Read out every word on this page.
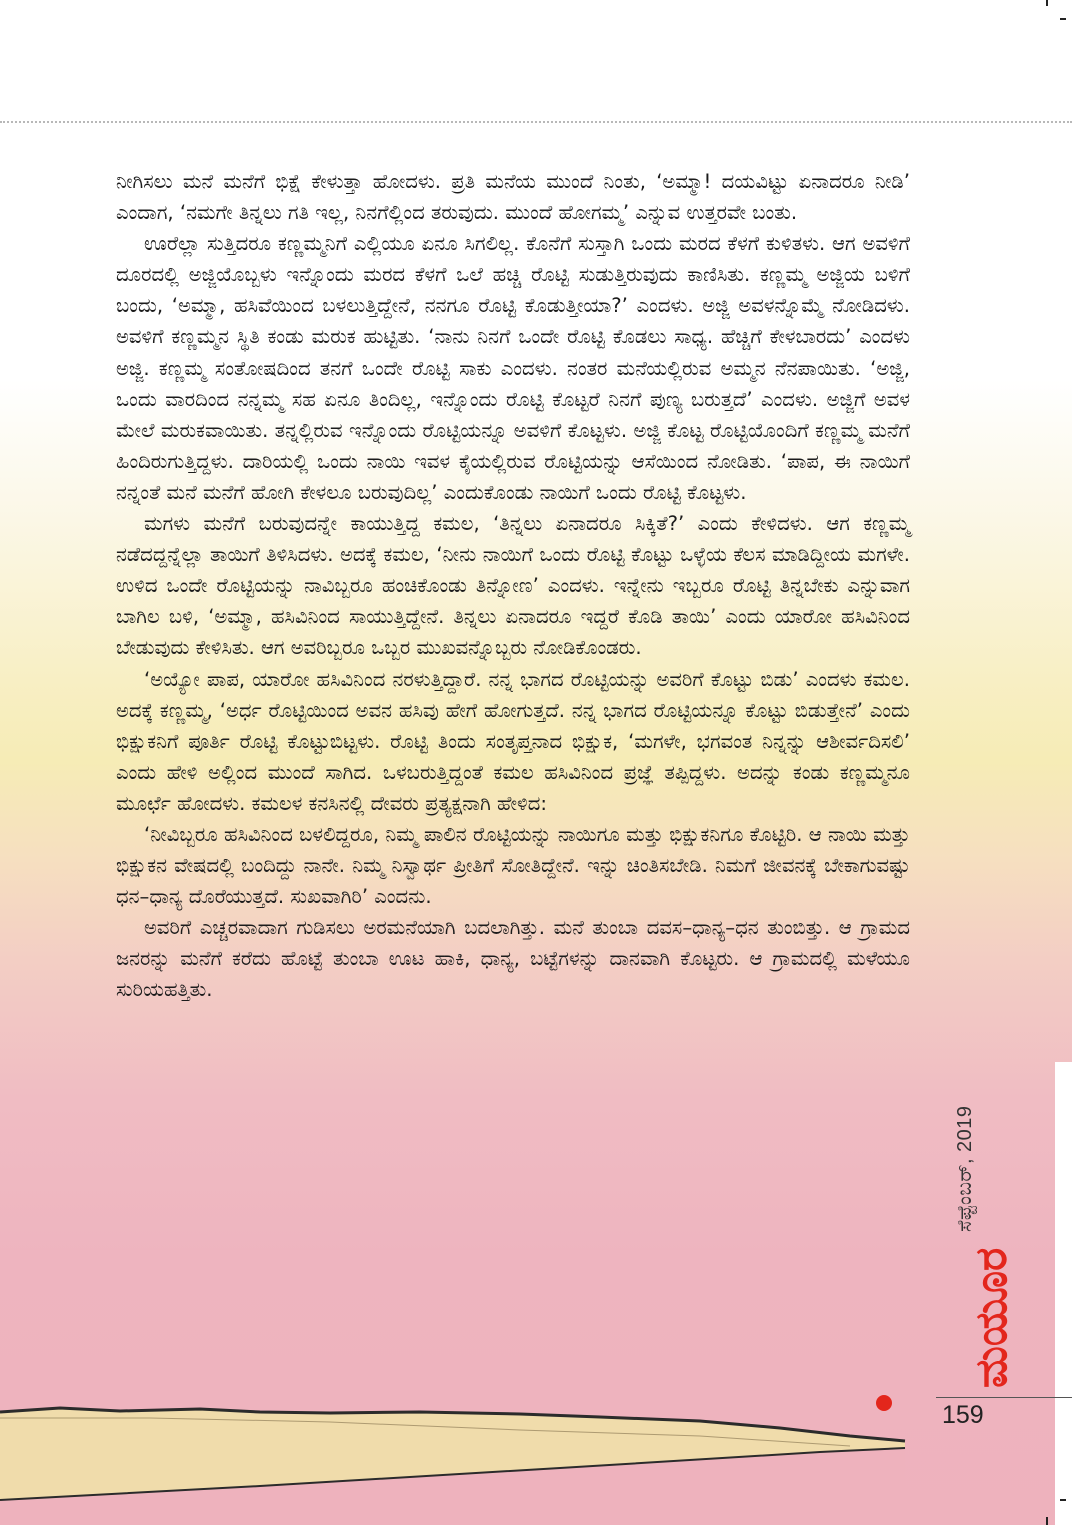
ನೀಗಿಸಲು ಮನೆ ಮನೆಗೆ ಭಿಕ್ಷೆ ಕೇಳುತ್ತಾ ಹೋದಳು. ಪ್ರತಿ ಮನೆಯ ಮುಂದೆ ನಿಂತು, ‘ಅಮ್ಮಾ! ದಯವಿಟ್ಟು ಏನಾದರೂ ನೀಡಿ’ ಎಂದಾಗ, ‘ನಮಗೇ ತಿನ್ನಲು ಗತಿ ಇಲ್ಲ, ನಿನಗೆಲ್ಲಿಂದ ತರುವುದು. ಮುಂದೆ ಹೋಗಮ್ಮ’ ಎನ್ನುವ ಉತ್ತರವೇ ಬಂತು.

ಊರೆಲ್ಲಾ ಸುತ್ತಿದರೂ ಕಣ್ಣಮ್ಮನಿಗೆ ಎಲ್ಲಿಯೂ ಏನೂ ಸಿಗಲಿಲ್ಲ. ಕೊನೆಗೆ ಸುಸ್ತಾಗಿ ಒಂದು ಮರದ ಕೆಳಗೆ ಕುಳಿತಳು. ಆಗ ಅವಳಿಗೆ ದೂರದಲ್ಲಿ ಅಜ್ಜಿಯೊಬ್ಬಳು ಇನ್ನೊಂದು ಮರದ ಕೆಳಗೆ ಒಲೆ ಹಚ್ಚಿ ರೊಟ್ಟಿ ಸುಡುತ್ತಿರುವುದು ಕಾಣಿಸಿತು. ಕಣ್ಣಮ್ಮ ಅಜ್ಜಿಯ ಬಳಿಗೆ ಬಂದು, ‘ಅಮ್ಮಾ, ಹಸಿವೆಯಿಂದ ಬಳಲುತ್ತಿದ್ದೇನೆ, ನನಗೂ ರೊಟ್ಟಿ ಕೊಡುತ್ತೀಯಾ?’ ಎಂದಳು. ಅಜ್ಜಿ ಅವಳನ್ನೊಮ್ಮೆ ನೋಡಿದಳು. ಅವಳಿಗೆ ಕಣ್ಣಮ್ಮನ ಸ್ಥಿತಿ ಕಂಡು ಮರುಕ ಹುಟ್ಟಿತು. ‘ನಾನು ನಿನಗೆ ಒಂದೇ ರೊಟ್ಟಿ ಕೊಡಲು ಸಾಧ್ಯ. ಹೆಚ್ಚಿಗೆ ಕೇಳಬಾರದು’ ಎಂದಳು ಅಜ್ಜಿ. ಕಣ್ಣಮ್ಮ ಸಂತೋಷದಿಂದ ತನಗೆ ಒಂದೇ ರೊಟ್ಟಿ ಸಾಕು ಎಂದಳು. ನಂತರ ಮನೆಯಲ್ಲಿರುವ ಅಮ್ಮನ ನೆನಪಾಯಿತು. ‘ಅಜ್ಜಿ, ಒಂದು ವಾರದಿಂದ ನನ್ನಮ್ಮ ಸಹ ಏನೂ ತಿಂದಿಲ್ಲ, ಇನ್ನೊಂದು ರೊಟ್ಟಿ ಕೊಟ್ಟರೆ ನಿನಗೆ ಪುಣ್ಯ ಬರುತ್ತದೆ’ ಎಂದಳು. ಅಜ್ಜಿಗೆ ಅವಳ ಮೇಲೆ ಮರುಕವಾಯಿತು. ತನ್ನಲ್ಲಿರುವ ಇನ್ನೊಂದು ರೊಟ್ಟಿಯನ್ನೂ ಅವಳಿಗೆ ಕೊಟ್ಟಳು. ಅಜ್ಜಿ ಕೊಟ್ಟ ರೊಟ್ಟಿಯೊಂದಿಗೆ ಕಣ್ಣಮ್ಮ ಮನೆಗೆ ಹಿಂದಿರುಗುತ್ತಿದ್ದಳು. ದಾರಿಯಲ್ಲಿ ಒಂದು ನಾಯಿ ಇವಳ ಕೈಯಲ್ಲಿರುವ ರೊಟ್ಟಿಯನ್ನು ಆಸೆಯಿಂದ ನೋಡಿತು. ‘ಪಾಪ, ಈ ನಾಯಿಗೆ ನನ್ನಂತೆ ಮನೆ ಮನೆಗೆ ಹೋಗಿ ಕೇಳಲೂ ಬರುವುದಿಲ್ಲ’ ಎಂದುಕೊಂಡು ನಾಯಿಗೆ ಒಂದು ರೊಟ್ಟಿ ಕೊಟ್ಟಳು.

ಮಗಳು ಮನೆಗೆ ಬರುವುದನ್ನೇ ಕಾಯುತ್ತಿದ್ದ ಕಮಲ, ‘ತಿನ್ನಲು ಏನಾದರೂ ಸಿಕ್ಕಿತೆ?’ ಎಂದು ಕೇಳಿದಳು. ಆಗ ಕಣ್ಣಮ್ಮ ನಡೆದದ್ದನ್ನೆಲ್ಲಾ ತಾಯಿಗೆ ತಿಳಿಸಿದಳು. ಅದಕ್ಕೆ ಕಮಲ, ‘ನೀನು ನಾಯಿಗೆ ಒಂದು ರೊಟ್ಟಿ ಕೊಟ್ಟು ಒಳ್ಳೆಯ ಕೆಲಸ ಮಾಡಿದ್ದೀಯ ಮಗಳೇ. ಉಳಿದ ಒಂದೇ ರೊಟ್ಟಿಯನ್ನು ನಾವಿಬ್ಬರೂ ಹಂಚಿಕೊಂಡು ತಿನ್ನೋಣ’ ಎಂದಳು. ಇನ್ನೇನು ಇಬ್ಬರೂ ರೊಟ್ಟಿ ತಿನ್ನಬೇಕು ಎನ್ನುವಾಗ ಬಾಗಿಲ ಬಳಿ, ‘ಅಮ್ಮಾ, ಹಸಿವಿನಿಂದ ಸಾಯುತ್ತಿದ್ದೇನೆ. ತಿನ್ನಲು ಏನಾದರೂ ಇದ್ದರೆ ಕೊಡಿ ತಾಯಿ’ ಎಂದು ಯಾರೋ ಹಸಿವಿನಿಂದ ಬೇಡುವುದು ಕೇಳಿಸಿತು. ಆಗ ಅವರಿಬ್ಬರೂ ಒಬ್ಬರ ಮುಖವನ್ನೊಬ್ಬರು ನೋಡಿಕೊಂಡರು.

‘ಅಯ್ಯೋ ಪಾಪ, ಯಾರೋ ಹಸಿವಿನಿಂದ ನರಳುತ್ತಿದ್ದಾರೆ. ನನ್ನ ಭಾಗದ ರೊಟ್ಟಿಯನ್ನು ಅವರಿಗೆ ಕೊಟ್ಟು ಬಿಡು’ ಎಂದಳು ಕಮಲ. ಅದಕ್ಕೆ ಕಣ್ಣಮ್ಮ, ‘ಅರ್ಧ ರೊಟ್ಟಿಯಿಂದ ಅವನ ಹಸಿವು ಹೇಗೆ ಹೋಗುತ್ತದೆ. ನನ್ನ ಭಾಗದ ರೊಟ್ಟಿಯನ್ನೂ ಕೊಟ್ಟು ಬಿಡುತ್ತೇನೆ’ ಎಂದು ಭಿಕ್ಷುಕನಿಗೆ ಪೂರ್ತಿ ರೊಟ್ಟಿ ಕೊಟ್ಟುಬಿಟ್ಟಳು. ರೊಟ್ಟಿ ತಿಂದು ಸಂತೃಪ್ತನಾದ ಭಿಕ್ಷುಕ, ‘ಮಗಳೇ, ಭಗವಂತ ನಿನ್ನನ್ನು ಆಶೀರ್ವದಿಸಲಿ’ ಎಂದು ಹೇಳಿ ಅಲ್ಲಿಂದ ಮುಂದೆ ಸಾಗಿದ. ಒಳಬರುತ್ತಿದ್ದಂತೆ ಕಮಲ ಹಸಿವಿನಿಂದ ಪ್ರಜ್ಞೆ ತಪ್ಪಿದ್ದಳು. ಅದನ್ನು ಕಂಡು ಕಣ್ಣಮ್ಮನೂ ಮೂರ್ಛೆ ಹೋದಳು. ಕಮಲಳ ಕನಸಿನಲ್ಲಿ ದೇವರು ಪ್ರತ್ಯಕ್ಷನಾಗಿ ಹೇಳಿದ:

‘ನೀವಿಬ್ಬರೂ ಹಸಿವಿನಿಂದ ಬಳಲಿದ್ದರೂ, ನಿಮ್ಮ ಪಾಲಿನ ರೊಟ್ಟಿಯನ್ನು ನಾಯಿಗೂ ಮತ್ತು ಭಿಕ್ಷುಕನಿಗೂ ಕೊಟ್ಟಿರಿ. ಆ ನಾಯಿ ಮತ್ತು ಭಿಕ್ಷುಕನ ವೇಷದಲ್ಲಿ ಬಂದಿದ್ದು ನಾನೇ. ನಿಮ್ಮ ನಿಸ್ವಾರ್ಥ ಪ್ರೀತಿಗೆ ಸೋತಿದ್ದೇನೆ. ಇನ್ನು ಚಿಂತಿಸಬೇಡಿ. ನಿಮಗೆ ಜೀವನಕ್ಕೆ ಬೇಕಾಗುವಷ್ಟು ಧನ–ಧಾನ್ಯ ದೊರೆಯುತ್ತದೆ. ಸುಖವಾಗಿರಿ’ ಎಂದನು.

ಅವರಿಗೆ ಎಚ್ಚರವಾದಾಗ ಗುಡಿಸಲು ಅರಮನೆಯಾಗಿ ಬದಲಾಗಿತ್ತು. ಮನೆ ತುಂಬಾ ದವಸ–ಧಾನ್ಯ–ಧನ ತುಂಬಿತ್ತು. ಆ ಗ್ರಾಮದ ಜನರನ್ನು ಮನೆಗೆ ಕರೆದು ಹೊಟ್ಟೆ ತುಂಬಾ ಊಟ ಹಾಕಿ, ಧಾನ್ಯ, ಬಟ್ಟೆಗಳನ್ನು ದಾನವಾಗಿ ಕೊಟ್ಟರು. ಆ ಗ್ರಾಮದಲ್ಲಿ ಮಳೆಯೂ ಸುರಿಯಹತ್ತಿತು.

ಸೆಪ್ಟೆಂಬರ್, 2019
ಮಯೂರ
159
